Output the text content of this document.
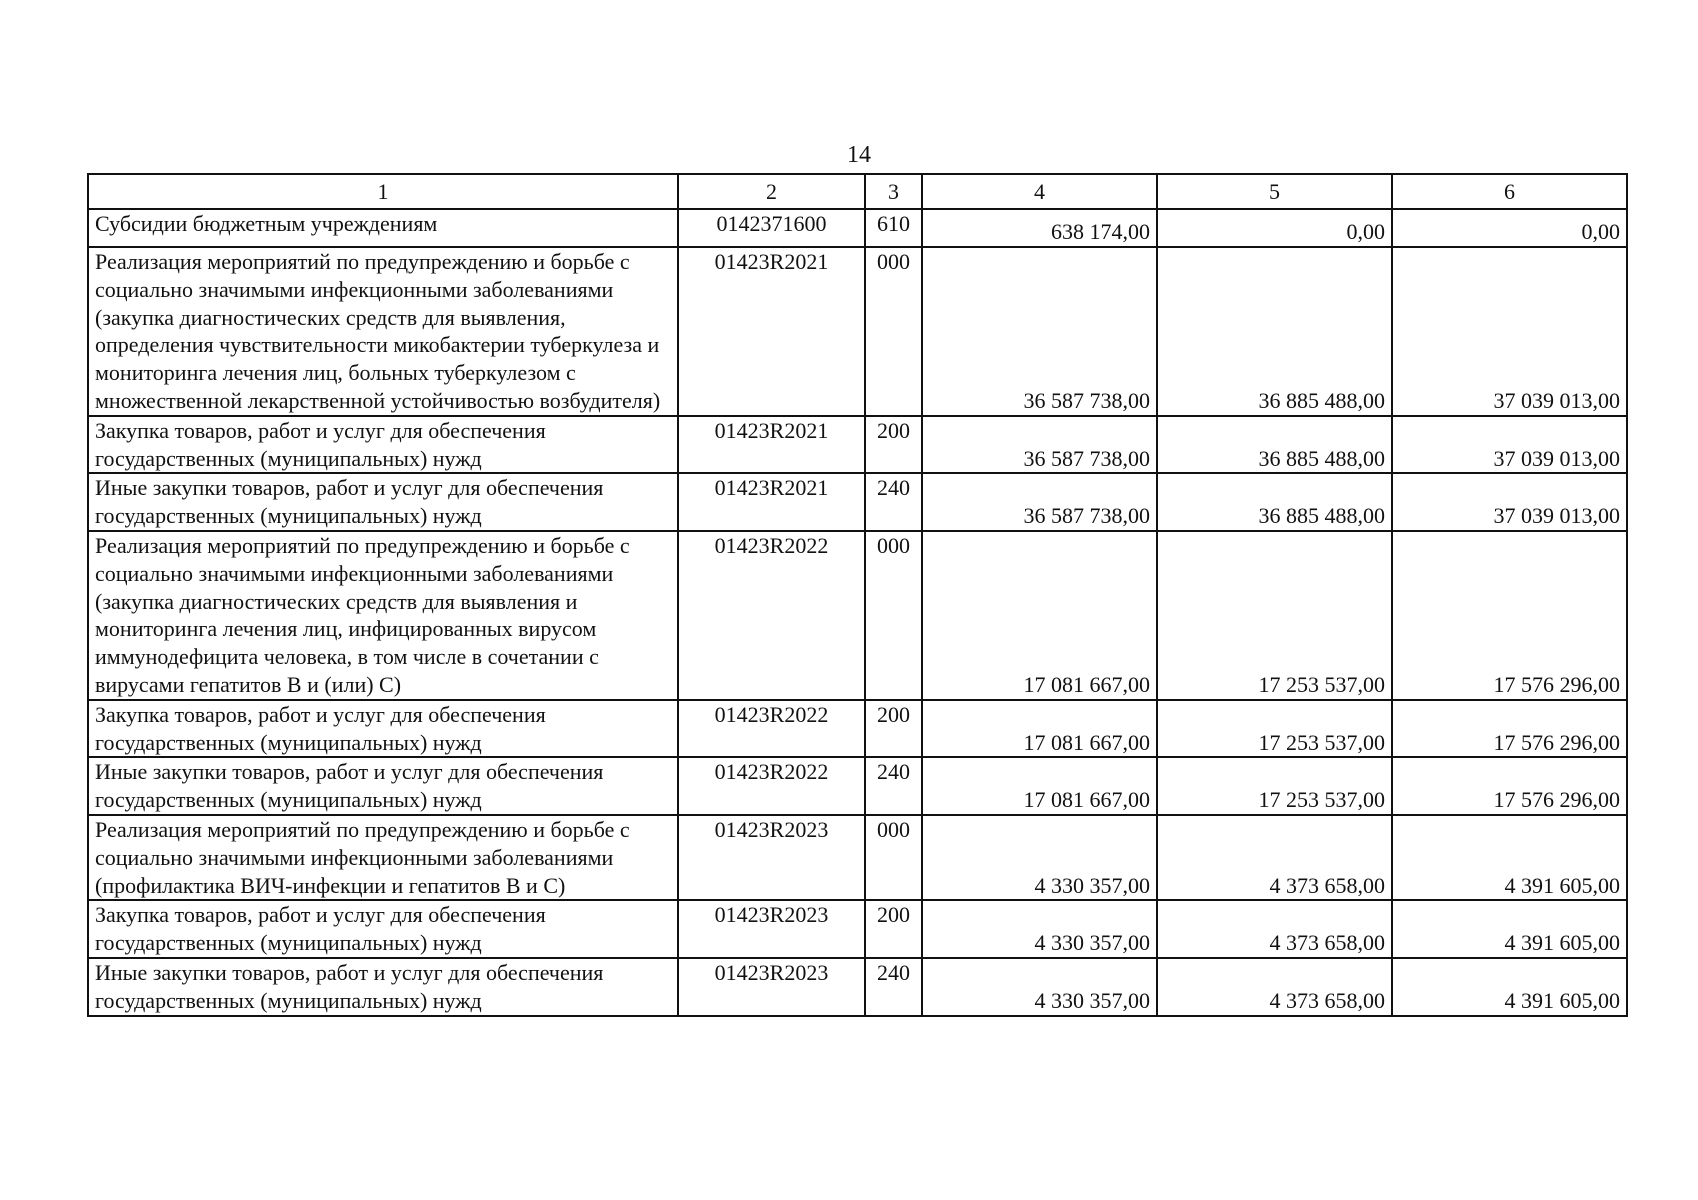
14
1	2	3	4	5	6
Субсидии бюджетным учреждениям	0142371600	610	638 174,00	0,00	0,00
Реализация мероприятий по предупреждению и борьбе с социально значимыми инфекционными заболеваниями (закупка диагностических средств для выявления, определения чувствительности микобактерии туберкулеза и мониторинга лечения лиц, больных туберкулезом с множественной лекарственной устойчивостью возбудителя)	01423R2021	000	36 587 738,00	36 885 488,00	37 039 013,00
Закупка товаров, работ и услуг для обеспечения государственных (муниципальных) нужд	01423R2021	200	36 587 738,00	36 885 488,00	37 039 013,00
Иные закупки товаров, работ и услуг для обеспечения государственных (муниципальных) нужд	01423R2021	240	36 587 738,00	36 885 488,00	37 039 013,00
Реализация мероприятий по предупреждению и борьбе с социально значимыми инфекционными заболеваниями (закупка диагностических средств для выявления и мониторинга лечения лиц, инфицированных вирусом иммунодефицита человека, в том числе в сочетании с вирусами гепатитов B и (или) C)	01423R2022	000	17 081 667,00	17 253 537,00	17 576 296,00
Закупка товаров, работ и услуг для обеспечения государственных (муниципальных) нужд	01423R2022	200	17 081 667,00	17 253 537,00	17 576 296,00
Иные закупки товаров, работ и услуг для обеспечения государственных (муниципальных) нужд	01423R2022	240	17 081 667,00	17 253 537,00	17 576 296,00
Реализация мероприятий по предупреждению и борьбе с социально значимыми инфекционными заболеваниями (профилактика ВИЧ-инфекции и гепатитов B и C)	01423R2023	000	4 330 357,00	4 373 658,00	4 391 605,00
Закупка товаров, работ и услуг для обеспечения государственных (муниципальных) нужд	01423R2023	200	4 330 357,00	4 373 658,00	4 391 605,00
Иные закупки товаров, работ и услуг для обеспечения государственных (муниципальных) нужд	01423R2023	240	4 330 357,00	4 373 658,00	4 391 605,00
